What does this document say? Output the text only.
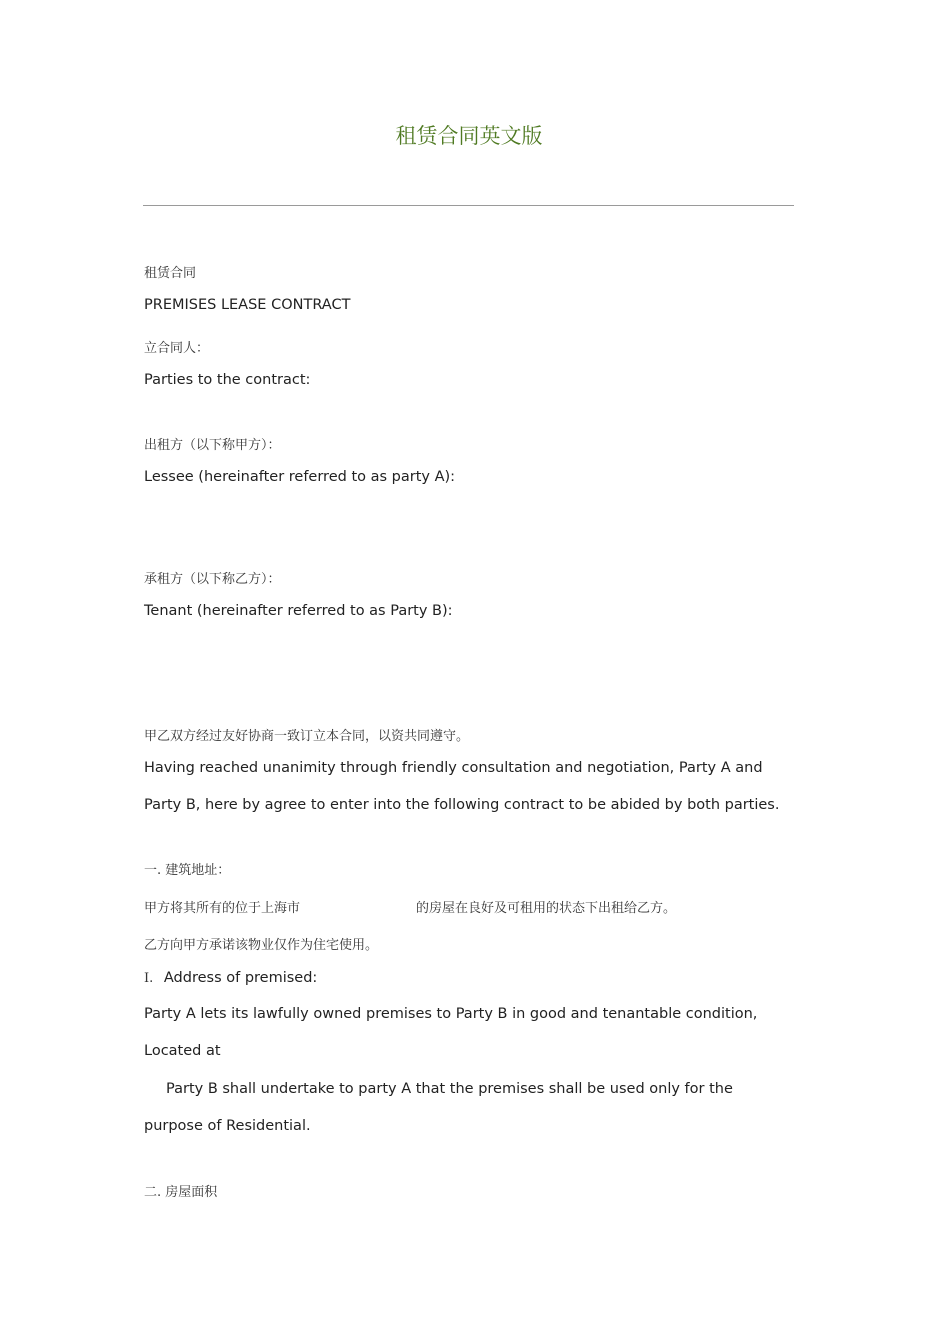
租赁合同英文版
租赁合同
PREMISES LEASE CONTRACT
立合同人：
Parties to the contract:
出租方（以下称甲方）：
Lessee (hereinafter referred to as party A):
承租方（以下称乙方）：
Tenant (hereinafter referred to as Party B):
甲乙双方经过友好协商一致订立本合同，以资共同遵守。
Having reached unanimity through friendly consultation and negotiation, Party A and
Party B, here by agree to enter into the following contract to be abided by both parties.
一. 建筑地址：
甲方将其所有的位于上海市	的房屋在良好及可租用的状态下出租给乙方。
乙方向甲方承诺该物业仅作为住宅使用。
Ⅰ. Address of premised:
Party A lets its lawfully owned premises to Party B in good and tenantable condition,
Located at
Party B shall undertake to party A that the premises shall be used only for the
purpose of Residential.
二. 房屋面积
